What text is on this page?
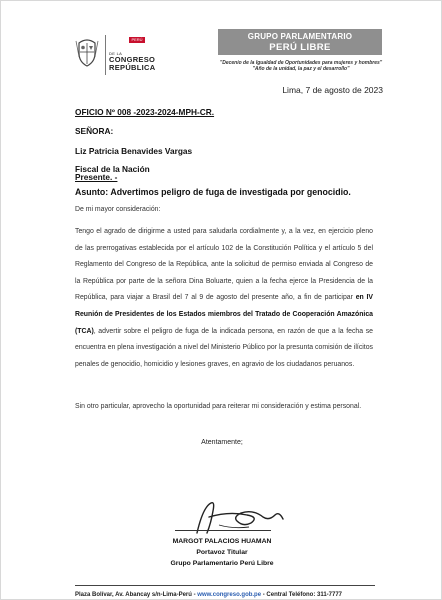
PERÚ
DE LA
CONGRESO
REPÚBLICA
GRUPO PARLAMENTARIO
PERÚ LIBRE
"Decenio de la Igualdad de Oportunidades para mujeres y hombres"
"Año de la unidad, la paz y el desarrollo"
Lima, 7 de agosto de 2023
OFICIO Nº 008 -2023-2024-MPH-CR.
SEÑORA:
Liz Patricia Benavides Vargas
Fiscal de la Nación
Presente. -
Asunto: Advertimos peligro de fuga de investigada por genocidio.
De mi mayor consideración:
Tengo el agrado de dirigirme a usted para saludarla cordialmente y, a la vez, en ejercicio pleno de las prerrogativas establecida por el artículo 102 de la Constitución Política y el artículo 5 del Reglamento del Congreso de la República, ante la solicitud de permiso enviada al Congreso de la República por parte de la señora Dina Boluarte, quien a la fecha ejerce la Presidencia de la República, para viajar a Brasil del 7 al 9 de agosto del presente año, a fin de participar en IV Reunión de Presidentes de los Estados miembros del Tratado de Cooperación Amazónica (TCA), advertir sobre el peligro de fuga de la indicada persona, en razón de que a la fecha se encuentra en plena investigación a nivel del Ministerio Público por la presunta comisión de ilícitos penales de genocidio, homicidio y lesiones graves, en agravio de los ciudadanos peruanos.
Sin otro particular, aprovecho la oportunidad para reiterar mi consideración y estima personal.
Atentamente;
MARGOT PALACIOS HUAMAN
Portavoz Titular
Grupo Parlamentario Perú Libre
Plaza Bolívar, Av. Abancay s/n-Lima-Perú - www.congreso.gob.pe - Central Teléfono: 311-7777
